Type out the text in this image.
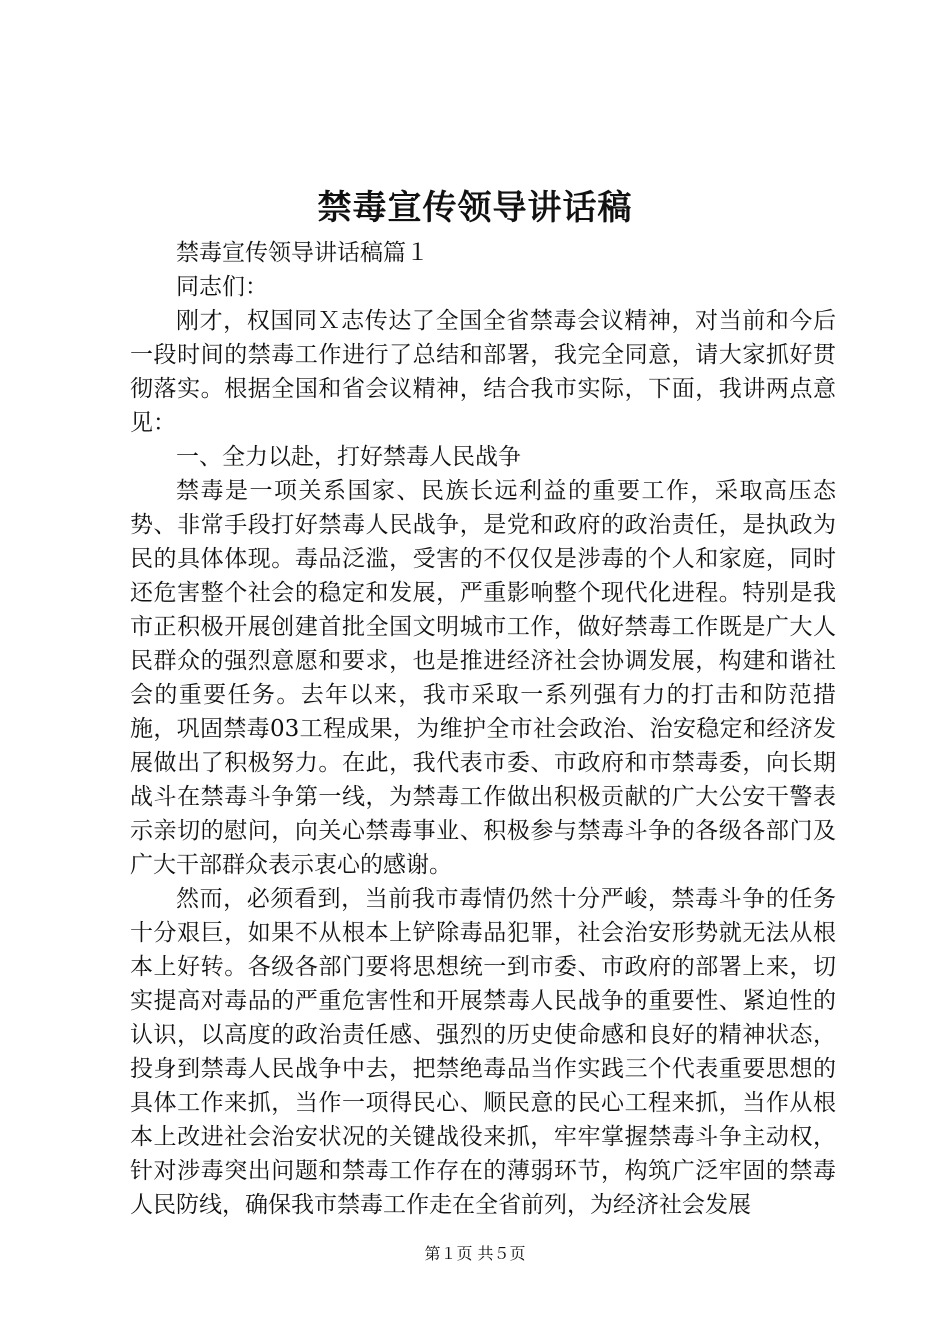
禁毒宣传领导讲话稿

禁毒宣传领导讲话稿篇１

同志们：

刚才，权国同Ｘ志传达了全国全省禁毒会议精神，对当前和今后一段时间的禁毒工作进行了总结和部署，我完全同意，请大家抓好贯彻落实。根据全国和省会议精神，结合我市实际，下面，我讲两点意见：

一、全力以赴，打好禁毒人民战争

禁毒是一项关系国家、民族长远利益的重要工作，采取高压态势、非常手段打好禁毒人民战争，是党和政府的政治责任，是执政为民的具体体现。毒品泛滥，受害的不仅仅是涉毒的个人和家庭，同时还危害整个社会的稳定和发展，严重影响整个现代化进程。特别是我市正积极开展创建首批全国文明城市工作，做好禁毒工作既是广大人民群众的强烈意愿和要求，也是推进经济社会协调发展，构建和谐社会的重要任务。去年以来，我市采取一系列强有力的打击和防范措施，巩固禁毒03工程成果，为维护全市社会政治、治安稳定和经济发展做出了积极努力。在此，我代表市委、市政府和市禁毒委，向长期战斗在禁毒斗争第一线，为禁毒工作做出积极贡献的广大公安干警表示亲切的慰问，向关心禁毒事业、积极参与禁毒斗争的各级各部门及广大干部群众表示衷心的感谢。

然而，必须看到，当前我市毒情仍然十分严峻，禁毒斗争的任务十分艰巨，如果不从根本上铲除毒品犯罪，社会治安形势就无法从根本上好转。各级各部门要将思想统一到市委、市政府的部署上来，切实提高对毒品的严重危害性和开展禁毒人民战争的重要性、紧迫性的认识，以高度的政治责任感、强烈的历史使命感和良好的精神状态，投身到禁毒人民战争中去，把禁绝毒品当作实践三个代表重要思想的具体工作来抓，当作一项得民心、顺民意的民心工程来抓，当作从根本上改进社会治安状况的关键战役来抓，牢牢掌握禁毒斗争主动权，针对涉毒突出问题和禁毒工作存在的薄弱环节，构筑广泛牢固的禁毒人民防线，确保我市禁毒工作走在全省前列，为经济社会发展

第１页 共５页
